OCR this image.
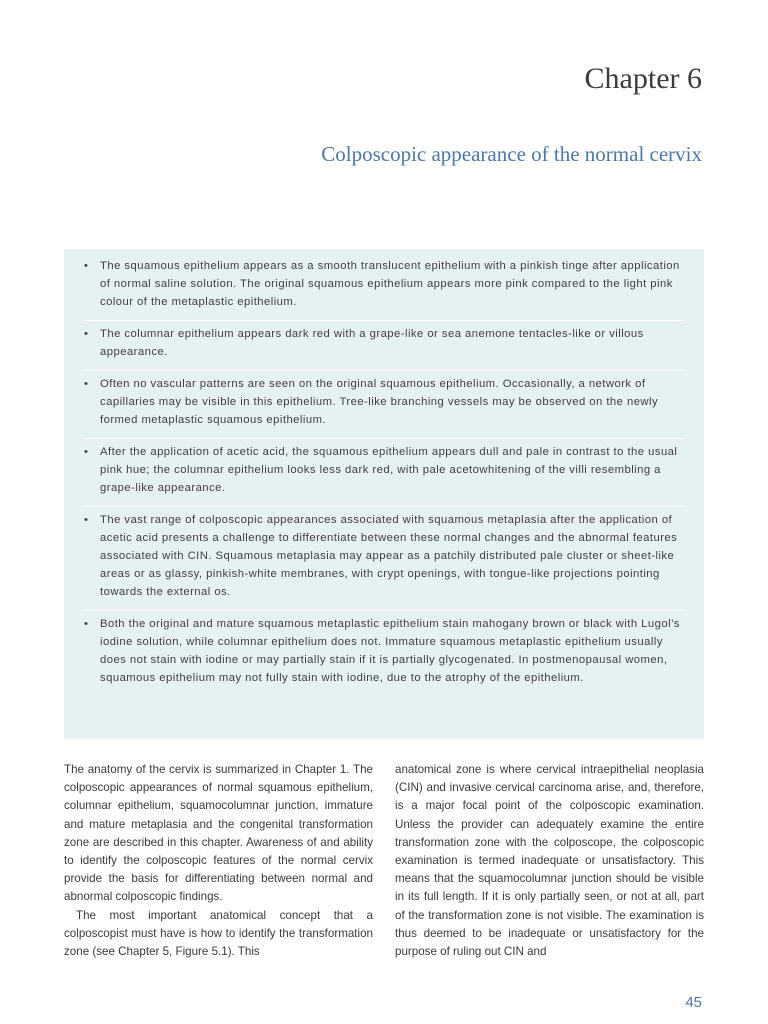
Chapter 6
Colposcopic appearance of the normal cervix
• The squamous epithelium appears as a smooth translucent epithelium with a pinkish tinge after application of normal saline solution. The original squamous epithelium appears more pink compared to the light pink colour of the metaplastic epithelium.
• The columnar epithelium appears dark red with a grape-like or sea anemone tentacles-like or villous appearance.
• Often no vascular patterns are seen on the original squamous epithelium. Occasionally, a network of capillaries may be visible in this epithelium. Tree-like branching vessels may be observed on the newly formed metaplastic squamous epithelium.
• After the application of acetic acid, the squamous epithelium appears dull and pale in contrast to the usual pink hue; the columnar epithelium looks less dark red, with pale acetowhitening of the villi resembling a grape-like appearance.
• The vast range of colposcopic appearances associated with squamous metaplasia after the application of acetic acid presents a challenge to differentiate between these normal changes and the abnormal features associated with CIN. Squamous metaplasia may appear as a patchily distributed pale cluster or sheet-like areas or as glassy, pinkish-white membranes, with crypt openings, with tongue-like projections pointing towards the external os.
• Both the original and mature squamous metaplastic epithelium stain mahogany brown or black with Lugol’s iodine solution, while columnar epithelium does not. Immature squamous metaplastic epithelium usually does not stain with iodine or may partially stain if it is partially glycogenated. In postmenopausal women, squamous epithelium may not fully stain with iodine, due to the atrophy of the epithelium.

The anatomy of the cervix is summarized in Chapter 1. The colposcopic appearances of normal squamous epithelium, columnar epithelium, squamocolumnar junction, immature and mature metaplasia and the congenital transformation zone are described in this chapter. Awareness of and ability to identify the colposcopic features of the normal cervix provide the basis for differentiating between normal and abnormal colposcopic findings.

The most important anatomical concept that a colposcopist must have is how to identify the transformation zone (see Chapter 5, Figure 5.1). This

anatomical zone is where cervical intraepithelial neoplasia (CIN) and invasive cervical carcinoma arise, and, therefore, is a major focal point of the colposcopic examination. Unless the provider can adequately examine the entire transformation zone with the colposcope, the colposcopic examination is termed inadequate or unsatisfactory. This means that the squamocolumnar junction should be visible in its full length. If it is only partially seen, or not at all, part of the transformation zone is not visible. The examination is thus deemed to be inadequate or unsatisfactory for the purpose of ruling out CIN and

45
